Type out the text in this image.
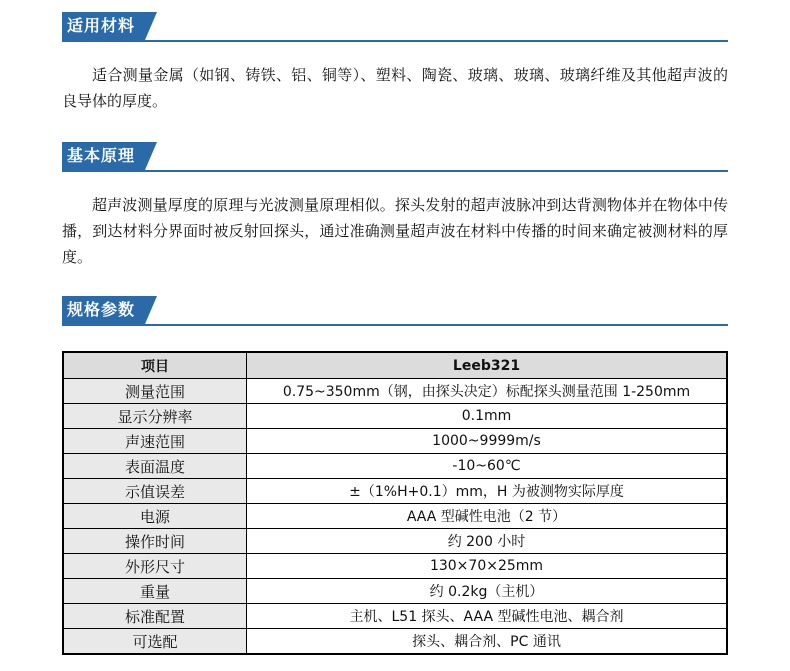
适用材料
适合测量金属（如钢、铸铁、铝、铜等）、塑料、陶瓷、玻璃、玻璃、玻璃纤维及其他超声波的良导体的厚度。
基本原理
超声波测量厚度的原理与光波测量原理相似。探头发射的超声波脉冲到达背测物体并在物体中传播，到达材料分界面时被反射回探头，通过准确测量超声波在材料中传播的时间来确定被测材料的厚度。
规格参数
项目	Leeb321
测量范围	0.75~350mm（钢，由探头决定）标配探头测量范围 1-250mm
显示分辨率	0.1mm
声速范围	1000~9999m/s
表面温度	-10~60℃
示值误差	±（1%H+0.1）mm，H 为被测物实际厚度
电源	AAA 型碱性电池（2 节）
操作时间	约 200 小时
外形尺寸	130×70×25mm
重量	约 0.2kg（主机）
标准配置	主机、L51 探头、AAA 型碱性电池、耦合剂
可选配	探头、耦合剂、PC 通讯
